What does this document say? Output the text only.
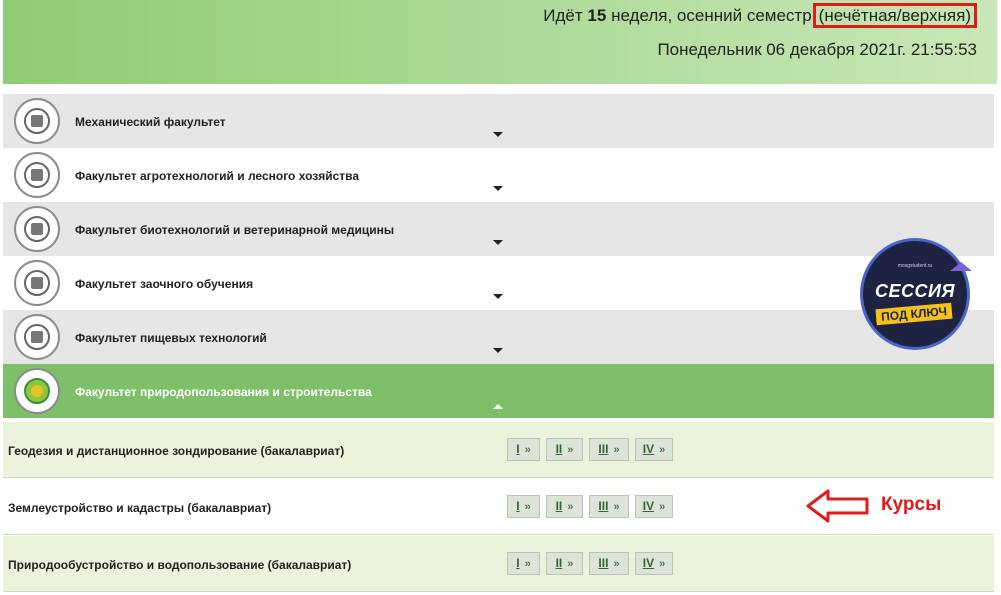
Идёт 15 неделя, осенний семестр (нечётная/верхняя)
Понедельник 06 декабря 2021г. 21:55:53
Механический факультет
Факультет агротехнологий и лесного хозяйства
Факультет биотехнологий и ветеринарной медицины
Факультет заочного обучения
Факультет пищевых технологий
Факультет природопользования и строительства
Геодезия и дистанционное зондирование (бакалавриат)	I »	II »	III »	IV »
Землеустройство и кадастры (бакалавриат)	I »	II »	III »	IV »
Природообустройство и водопользование (бакалавриат)	I »	II »	III »	IV »
mosgstudent.ru
СЕССИЯ
ПОД КЛЮЧ
Курсы
